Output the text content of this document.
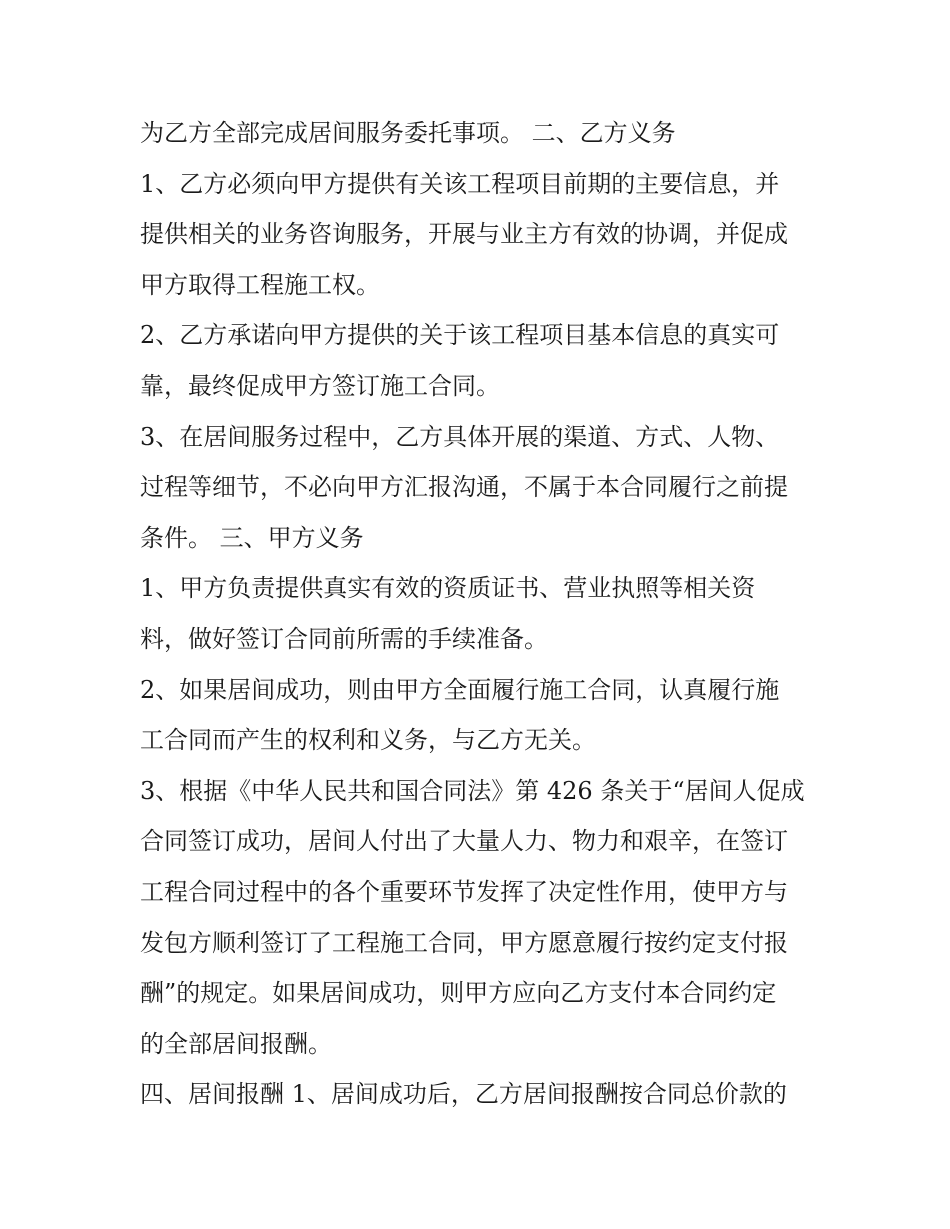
为乙方全部完成居间服务委托事项。 二、乙方义务
1、乙方必须向甲方提供有关该工程项目前期的主要信息，并
提供相关的业务咨询服务，开展与业主方有效的协调，并促成
甲方取得工程施工权。
2、乙方承诺向甲方提供的关于该工程项目基本信息的真实可
靠，最终促成甲方签订施工合同。
3、在居间服务过程中，乙方具体开展的渠道、方式、人物、
过程等细节，不必向甲方汇报沟通，不属于本合同履行之前提
条件。 三、甲方义务
1、甲方负责提供真实有效的资质证书、营业执照等相关资
料，做好签订合同前所需的手续准备。
2、如果居间成功，则由甲方全面履行施工合同，认真履行施
工合同而产生的权利和义务，与乙方无关。
3、根据《中华人民共和国合同法》第 426 条关于“居间人促成
合同签订成功，居间人付出了大量人力、物力和艰辛，在签订
工程合同过程中的各个重要环节发挥了决定性作用，使甲方与
发包方顺利签订了工程施工合同，甲方愿意履行按约定支付报
酬”的规定。如果居间成功，则甲方应向乙方支付本合同约定
的全部居间报酬。
四、居间报酬 1、居间成功后，乙方居间报酬按合同总价款的
